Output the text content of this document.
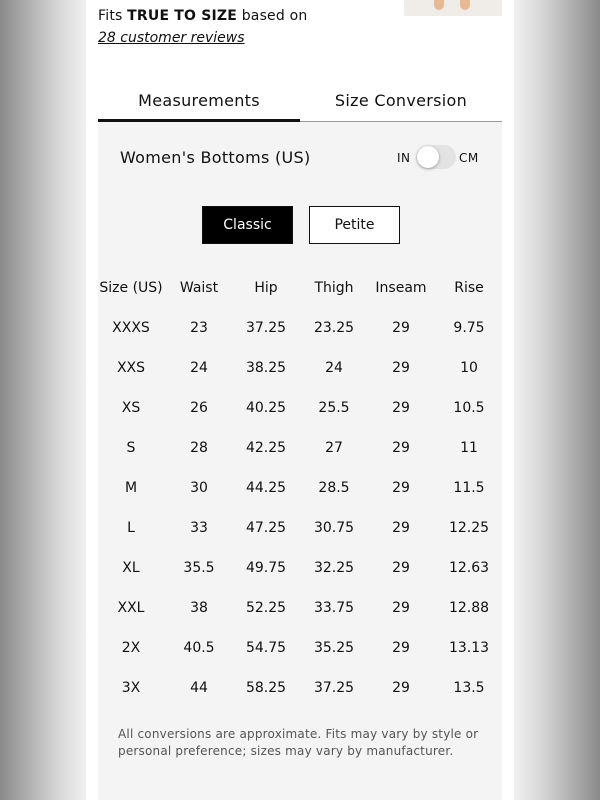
Fits TRUE TO SIZE based on
28 customer reviews
Measurements	Size Conversion
Women's Bottoms (US)	IN	CM
Classic	Petite
Size (US)	Waist	Hip	Thigh	Inseam	Rise
XXXS	23	37.25	23.25	29	9.75
XXS	24	38.25	24	29	10
XS	26	40.25	25.5	29	10.5
S	28	42.25	27	29	11
M	30	44.25	28.5	29	11.5
L	33	47.25	30.75	29	12.25
XL	35.5	49.75	32.25	29	12.63
XXL	38	52.25	33.75	29	12.88
2X	40.5	54.75	35.25	29	13.13
3X	44	58.25	37.25	29	13.5
All conversions are approximate. Fits may vary by style or personal preference; sizes may vary by manufacturer.
